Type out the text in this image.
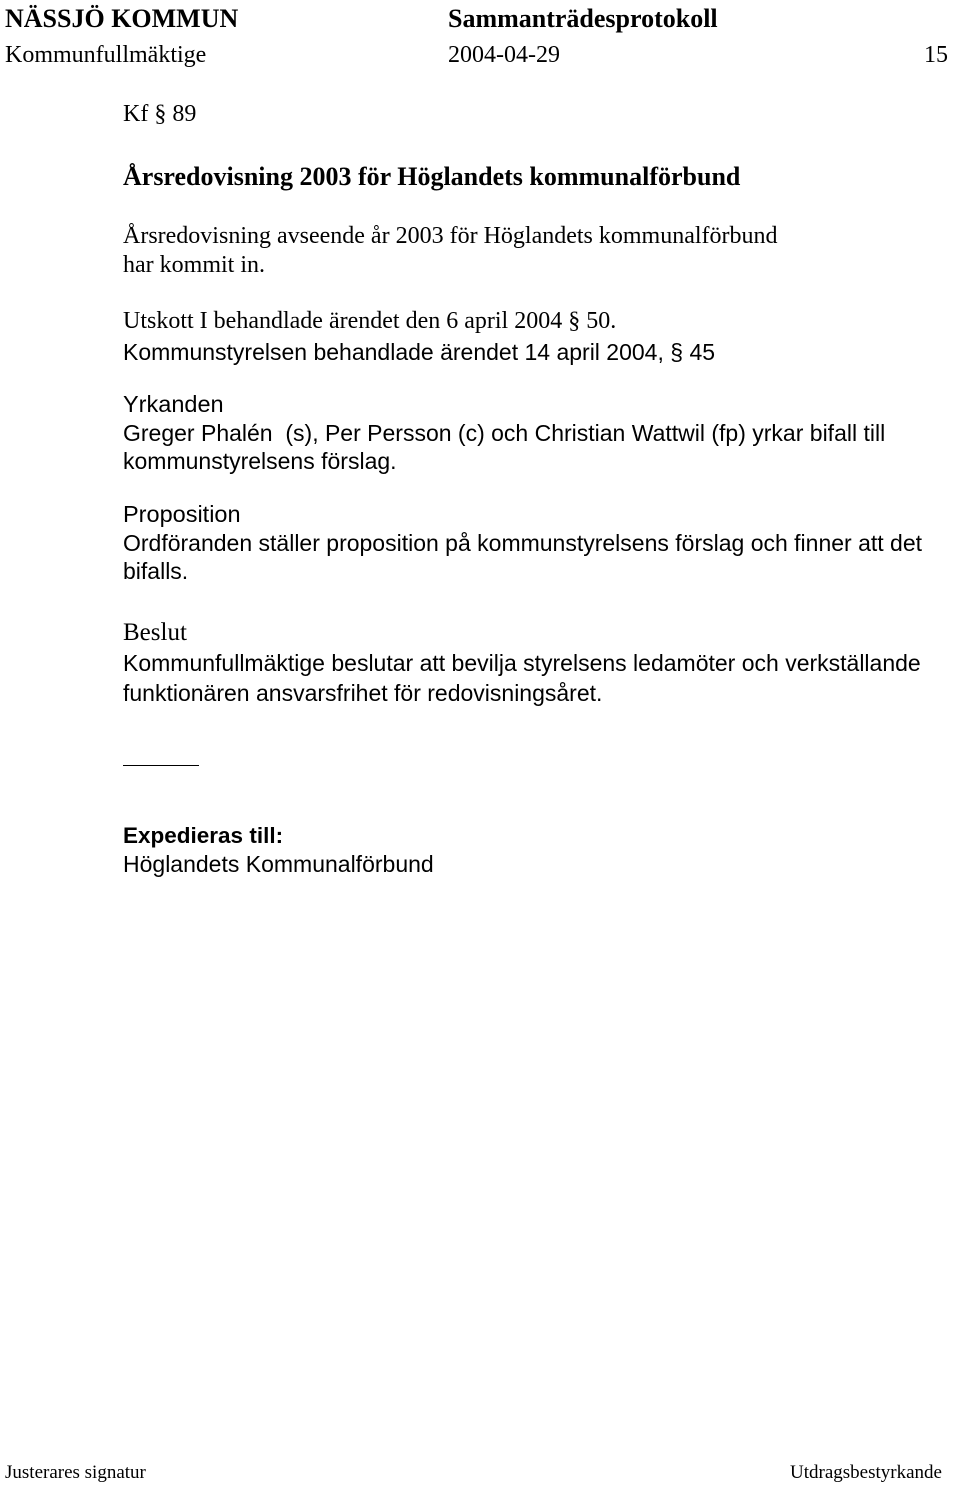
NÄSSJÖ KOMMUN	Sammanträdesprotokoll
Kommunfullmäktige	2004-04-29	15
Kf § 89
Årsredovisning 2003 för Höglandets kommunalförbund
Årsredovisning avseende år 2003 för Höglandets kommunalförbund
har kommit in.
Utskott I behandlade ärendet den 6 april 2004 § 50.
Kommunstyrelsen behandlade ärendet 14 april 2004, § 45
Yrkanden
Greger Phalén  (s), Per Persson (c) och Christian Wattwil (fp) yrkar bifall till
kommunstyrelsens förslag.
Proposition
Ordföranden ställer proposition på kommunstyrelsens förslag och finner att det
bifalls.
Beslut
Kommunfullmäktige beslutar att bevilja styrelsens ledamöter och verkställande
funktionären ansvarsfrihet för redovisningsåret.
Expedieras till:
Höglandets Kommunalförbund
Justerares signatur	Utdragsbestyrkande
